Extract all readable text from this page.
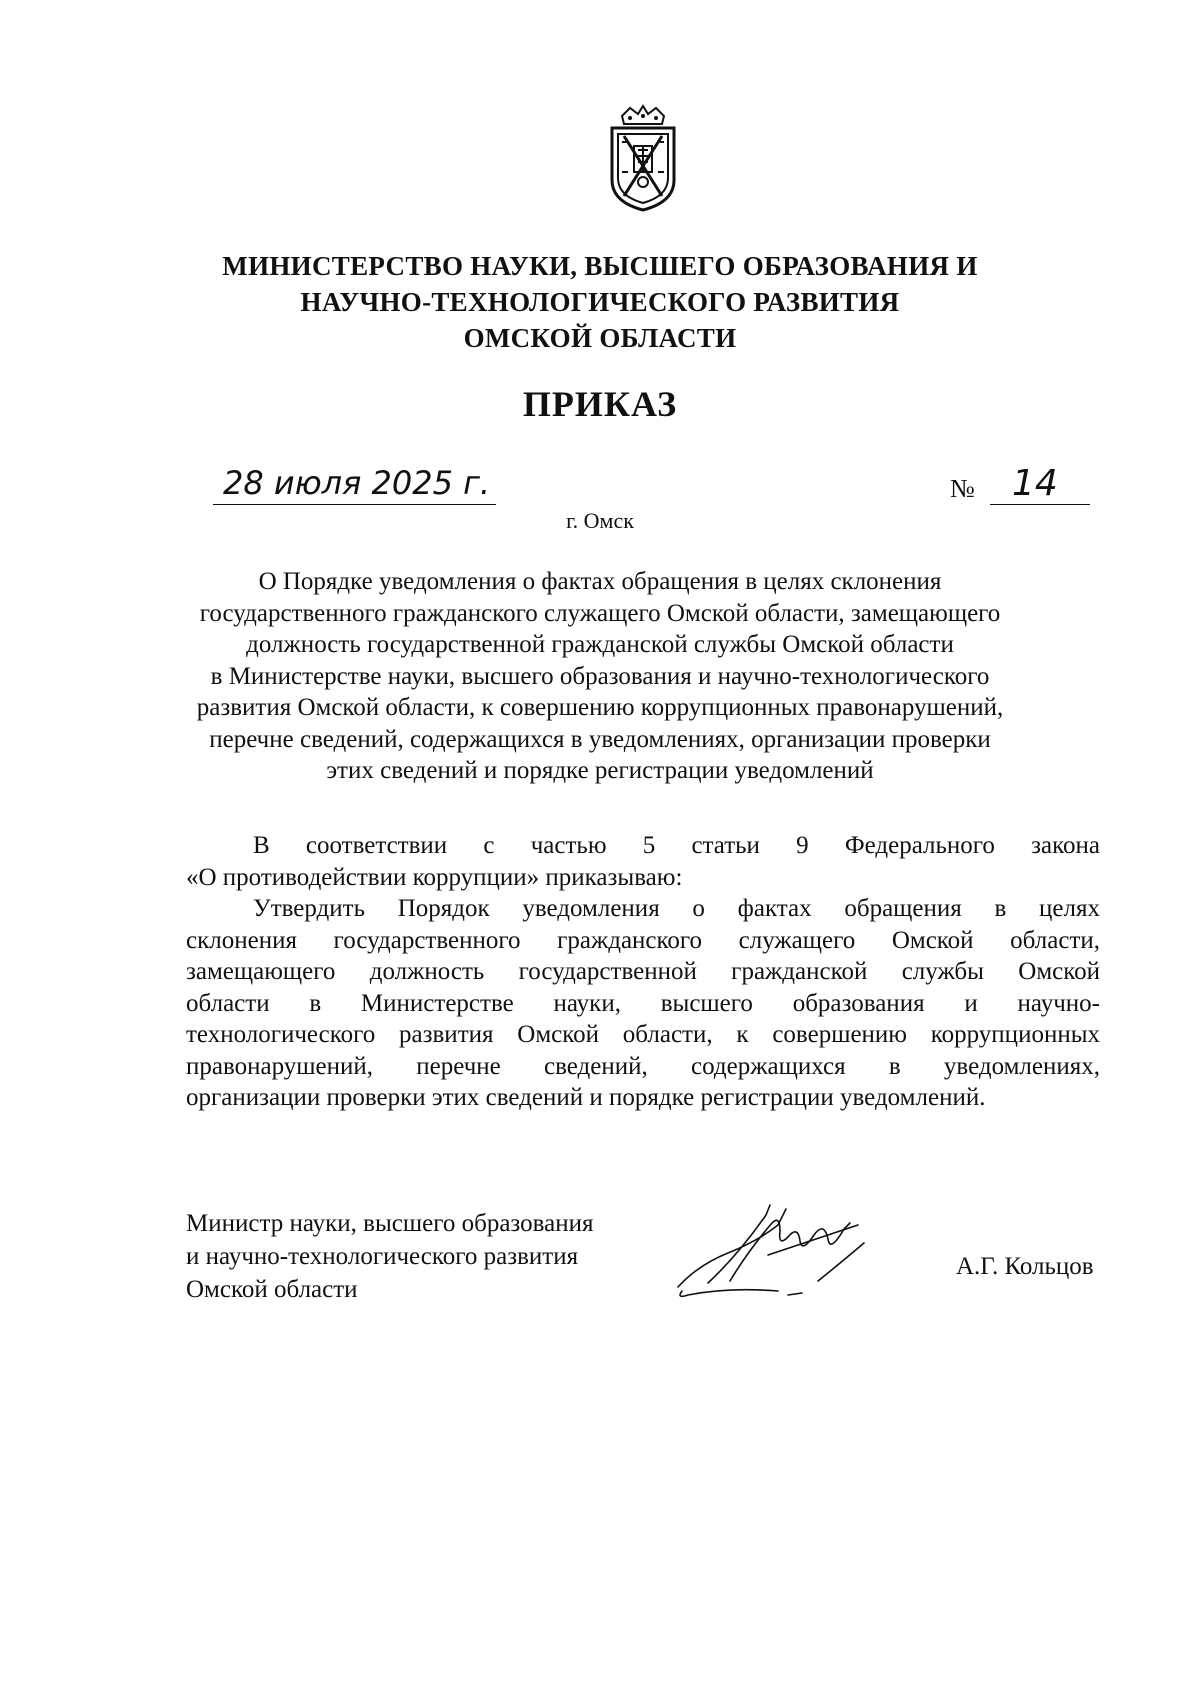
МИНИСТЕРСТВО НАУКИ, ВЫСШЕГО ОБРАЗОВАНИЯ И
НАУЧНО-ТЕХНОЛОГИЧЕСКОГО РАЗВИТИЯ
ОМСКОЙ ОБЛАСТИ
ПРИКАЗ
28 июля 2025 г.	№ 14
г. Омск
О Порядке уведомления о фактах обращения в целях склонения
государственного гражданского служащего Омской области, замещающего
должность государственной гражданской службы Омской области
в Министерстве науки, высшего образования и научно-технологического
развития Омской области, к совершению коррупционных правонарушений,
перечне сведений, содержащихся в уведомлениях, организации проверки
этих сведений и порядке регистрации уведомлений
В соответствии с частью 5 статьи 9 Федерального закона
«О противодействии коррупции» приказываю:
Утвердить Порядок уведомления о фактах обращения в целях
склонения государственного гражданского служащего Омской области,
замещающего должность государственной гражданской службы Омской
области в Министерстве науки, высшего образования и научно-
технологического развития Омской области, к совершению коррупционных
правонарушений, перечне сведений, содержащихся в уведомлениях,
организации проверки этих сведений и порядке регистрации уведомлений.
Министр науки, высшего образования
и научно-технологического развития
Омской области
А.Г. Кольцов
